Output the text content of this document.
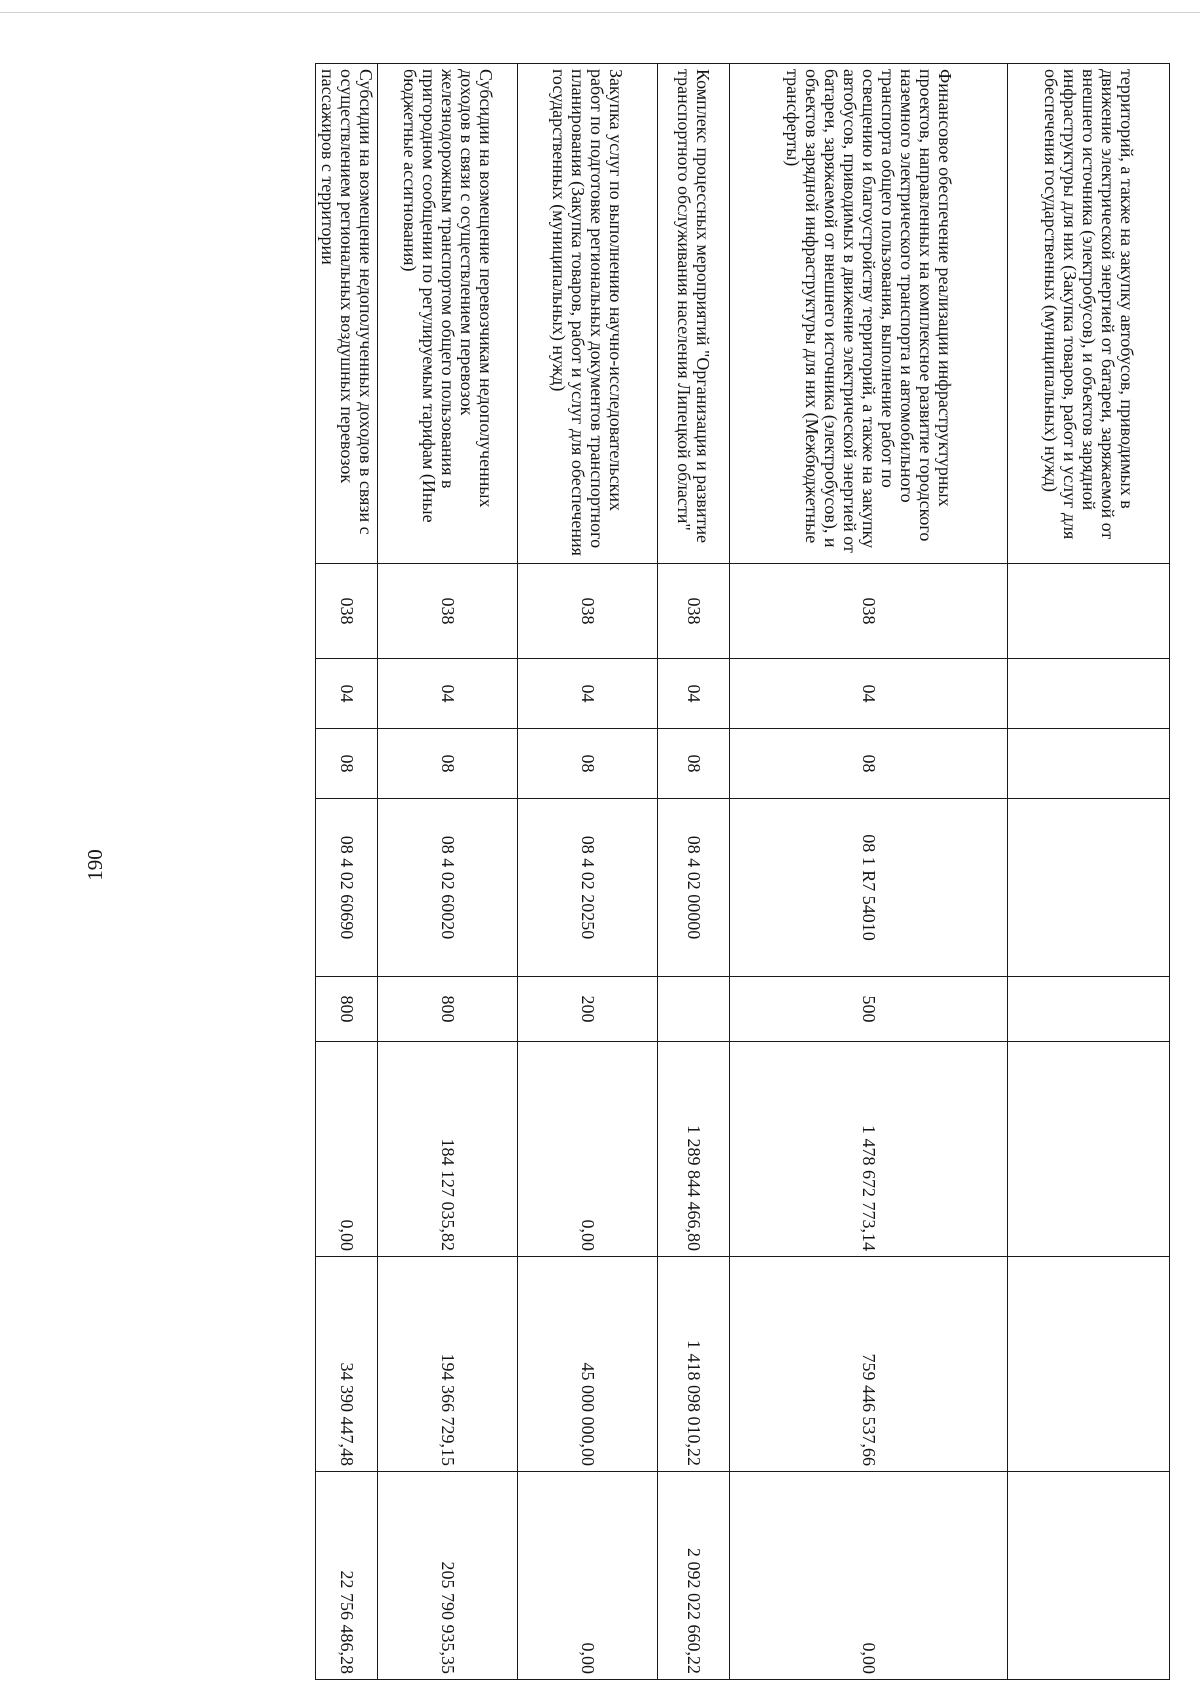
190
территорий, а также на закупку автобусов, приводимых в движение электрической энергией от батареи, заряжаемой от внешнего источника (электробусов), и объектов зарядной инфраструктуры для них (Закупка товаров, работ и услуг для обеспечения государственных (муниципальных) нужд)								
Финансовое обеспечение реализации инфраструктурных проектов, направленных на комплексное развитие городского наземного электрического транспорта и автомобильного транспорта общего пользования, выполнение работ по освещению и благоустройству территорий, а также на закупку автобусов, приводимых в движение электрической энергией от батареи, заряжаемой от внешнего источника (электробусов), и объектов зарядной инфраструктуры для них (Межбюджетные трансферты)	038	04	08	08 1 R7 54010	500	1 478 672 773,14	759 446 537,66	0,00
Комплекс процессных мероприятий "Организация и развитие транспортного обслуживания населения Липецкой области"	038	04	08	08 4 02 00000		1 289 844 466,80	1 418 098 010,22	2 092 022 660,22
Закупка услуг по выполнению научно-исследовательских работ по подготовке региональных документов транспортного планирования (Закупка товаров, работ и услуг для обеспечения государственных (муниципальных) нужд)	038	04	08	08 4 02 20250	200	0,00	45 000 000,00	0,00
Субсидии на возмещение перевозчикам недополученных доходов в связи с осуществлением перевозок железнодорожным транспортом общего пользования в пригородном сообщении по регулируемым тарифам (Иные бюджетные ассигнования)	038	04	08	08 4 02 60020	800	184 127 035,82	194 366 729,15	205 790 935,35
Субсидии на возмещение недополученных доходов в связи с осуществлением региональных воздушных перевозок пассажиров с территории	038	04	08	08 4 02 60690	800	0,00	34 390 447,48	22 756 486,28
